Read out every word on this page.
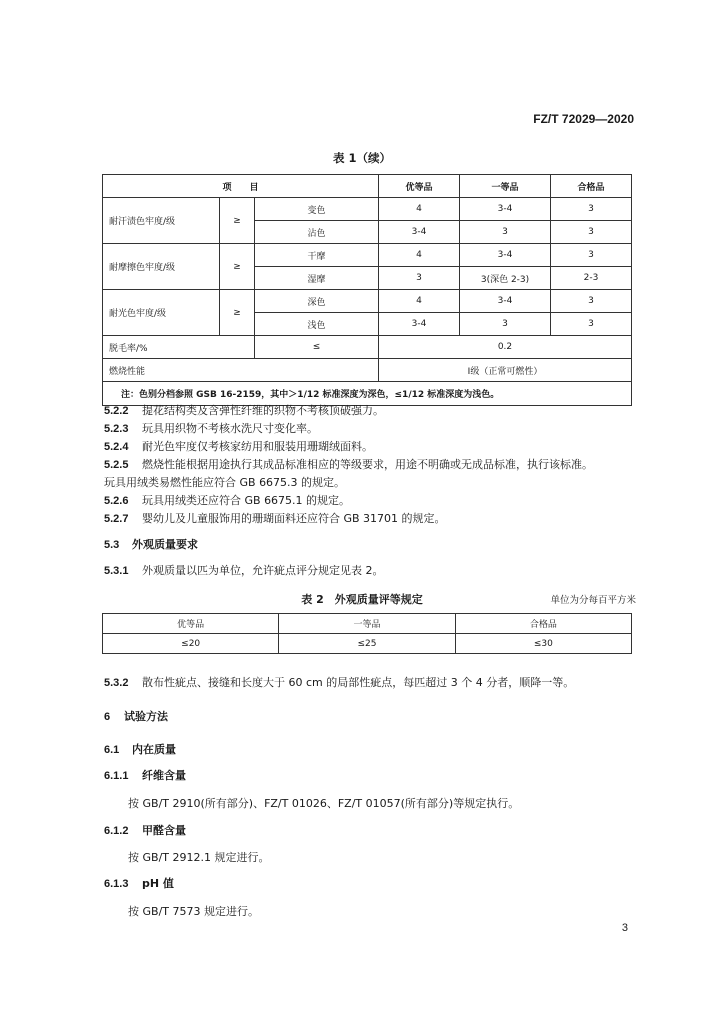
FZ/T 72029—2020
表 1（续）
项　　目			优等品	一等品	合格品
耐汗渍色牢度/级	≥	变色	4	3-4	3
		沾色	3-4	3	3
耐摩擦色牢度/级	≥	干摩	4	3-4	3
		湿摩	3	3(深色 2-3)	2-3
耐光色牢度/级	≥	深色	4	3-4	3
		浅色	3-4	3	3
脱毛率/%		≤	0.2		
燃烧性能			Ⅰ级（正常可燃性）		
注：色别分档参照 GSB 16-2159，其中＞1/12 标准深度为深色，≤1/12 标准深度为浅色。					
5.2.2 提花结构类及含弹性纤维的织物不考核顶破强力。
5.2.3 玩具用织物不考核水洗尺寸变化率。
5.2.4 耐光色牢度仅考核家纺用和服装用珊瑚绒面料。
5.2.5 燃烧性能根据用途执行其成品标准相应的等级要求，用途不明确或无成品标准，执行该标准。
玩具用绒类易燃性能应符合 GB 6675.3 的规定。
5.2.6 玩具用绒类还应符合 GB 6675.1 的规定。
5.2.7 婴幼儿及儿童服饰用的珊瑚面料还应符合 GB 31701 的规定。
5.3 外观质量要求
5.3.1 外观质量以匹为单位，允许疵点评分规定见表 2。
表 2　外观质量评等规定	单位为分每百平方米
优等品	一等品	合格品
≤20	≤25	≤30
5.3.2 散布性疵点、接缝和长度大于 60 cm 的局部性疵点，每匹超过 3 个 4 分者，顺降一等。
6 试验方法
6.1 内在质量
6.1.1 纤维含量
按 GB/T 2910(所有部分)、FZ/T 01026、FZ/T 01057(所有部分)等规定执行。
6.1.2 甲醛含量
按 GB/T 2912.1 规定进行。
6.1.3 pH 值
按 GB/T 7573 规定进行。
3
